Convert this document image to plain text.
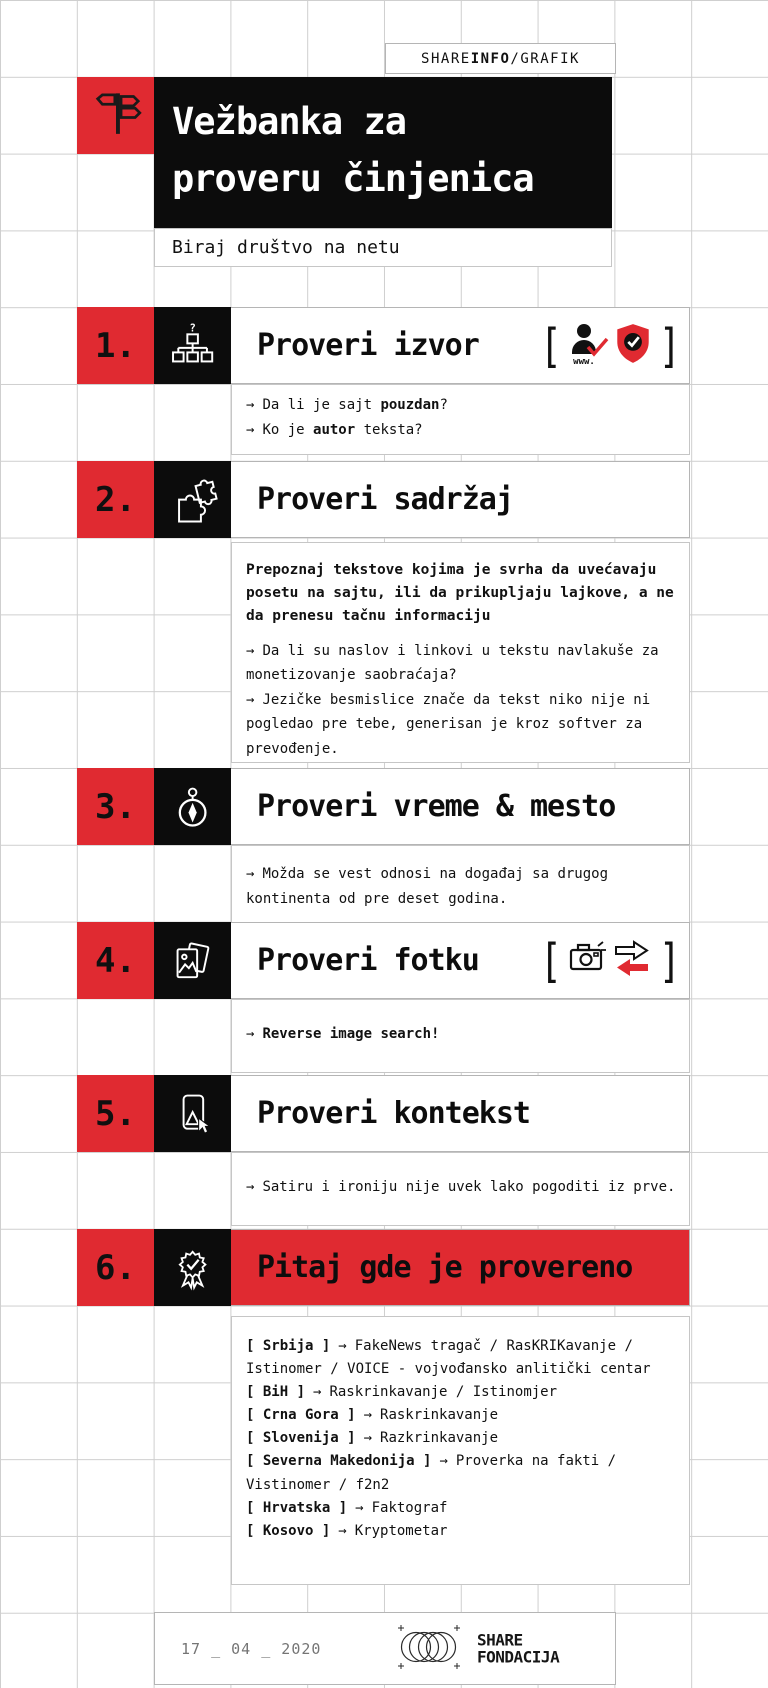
SHARE INFO /GRAFIK
Vežbanka za
proveru činjenica
Biraj društvo na netu
1.	?
Proveri izvor [ www. ]
→ Da li je sajt pouzdan?
→ Ko je autor teksta?
2.	Proveri sadržaj
Prepoznaj tekstove kojima je svrha da uvećavaju posetu na sajtu, ili da prikupljaju lajkove, a ne da prenesu tačnu informaciju
→ Da li su naslov i linkovi u tekstu navlakuše za monetizovanje saobraćaja?
→ Jezičke besmislice znače da tekst niko nije ni pogledao pre tebe, generisan je kroz softver za prevođenje.
3.	Proveri vreme & mesto
→ Možda se vest odnosi na događaj sa drugog kontinenta od pre deset godina.
4.	Proveri fotku [ ]
→ Reverse image search!
5.	Proveri kontekst
→ Satiru i ironiju nije uvek lako pogoditi iz prve.
6.	Pitaj gde je provereno
[ Srbija ] → FakeNews tragač / RasKRIKavanje / Istinomer / VOICE - vojvođansko anlitički centar
[ BiH ] → Raskrinkavanje / Istinomjer
[ Crna Gora ] → Raskrinkavanje
[ Slovenija ] → Razkrinkavanje
[ Severna Makedonija ] → Proverka na fakti / Vistinomer / f2n2
[ Hrvatska ] → Faktograf
[ Kosovo ] → Kryptometar
17 _ 04 _ 2020	SHARE
FONDACIJA
